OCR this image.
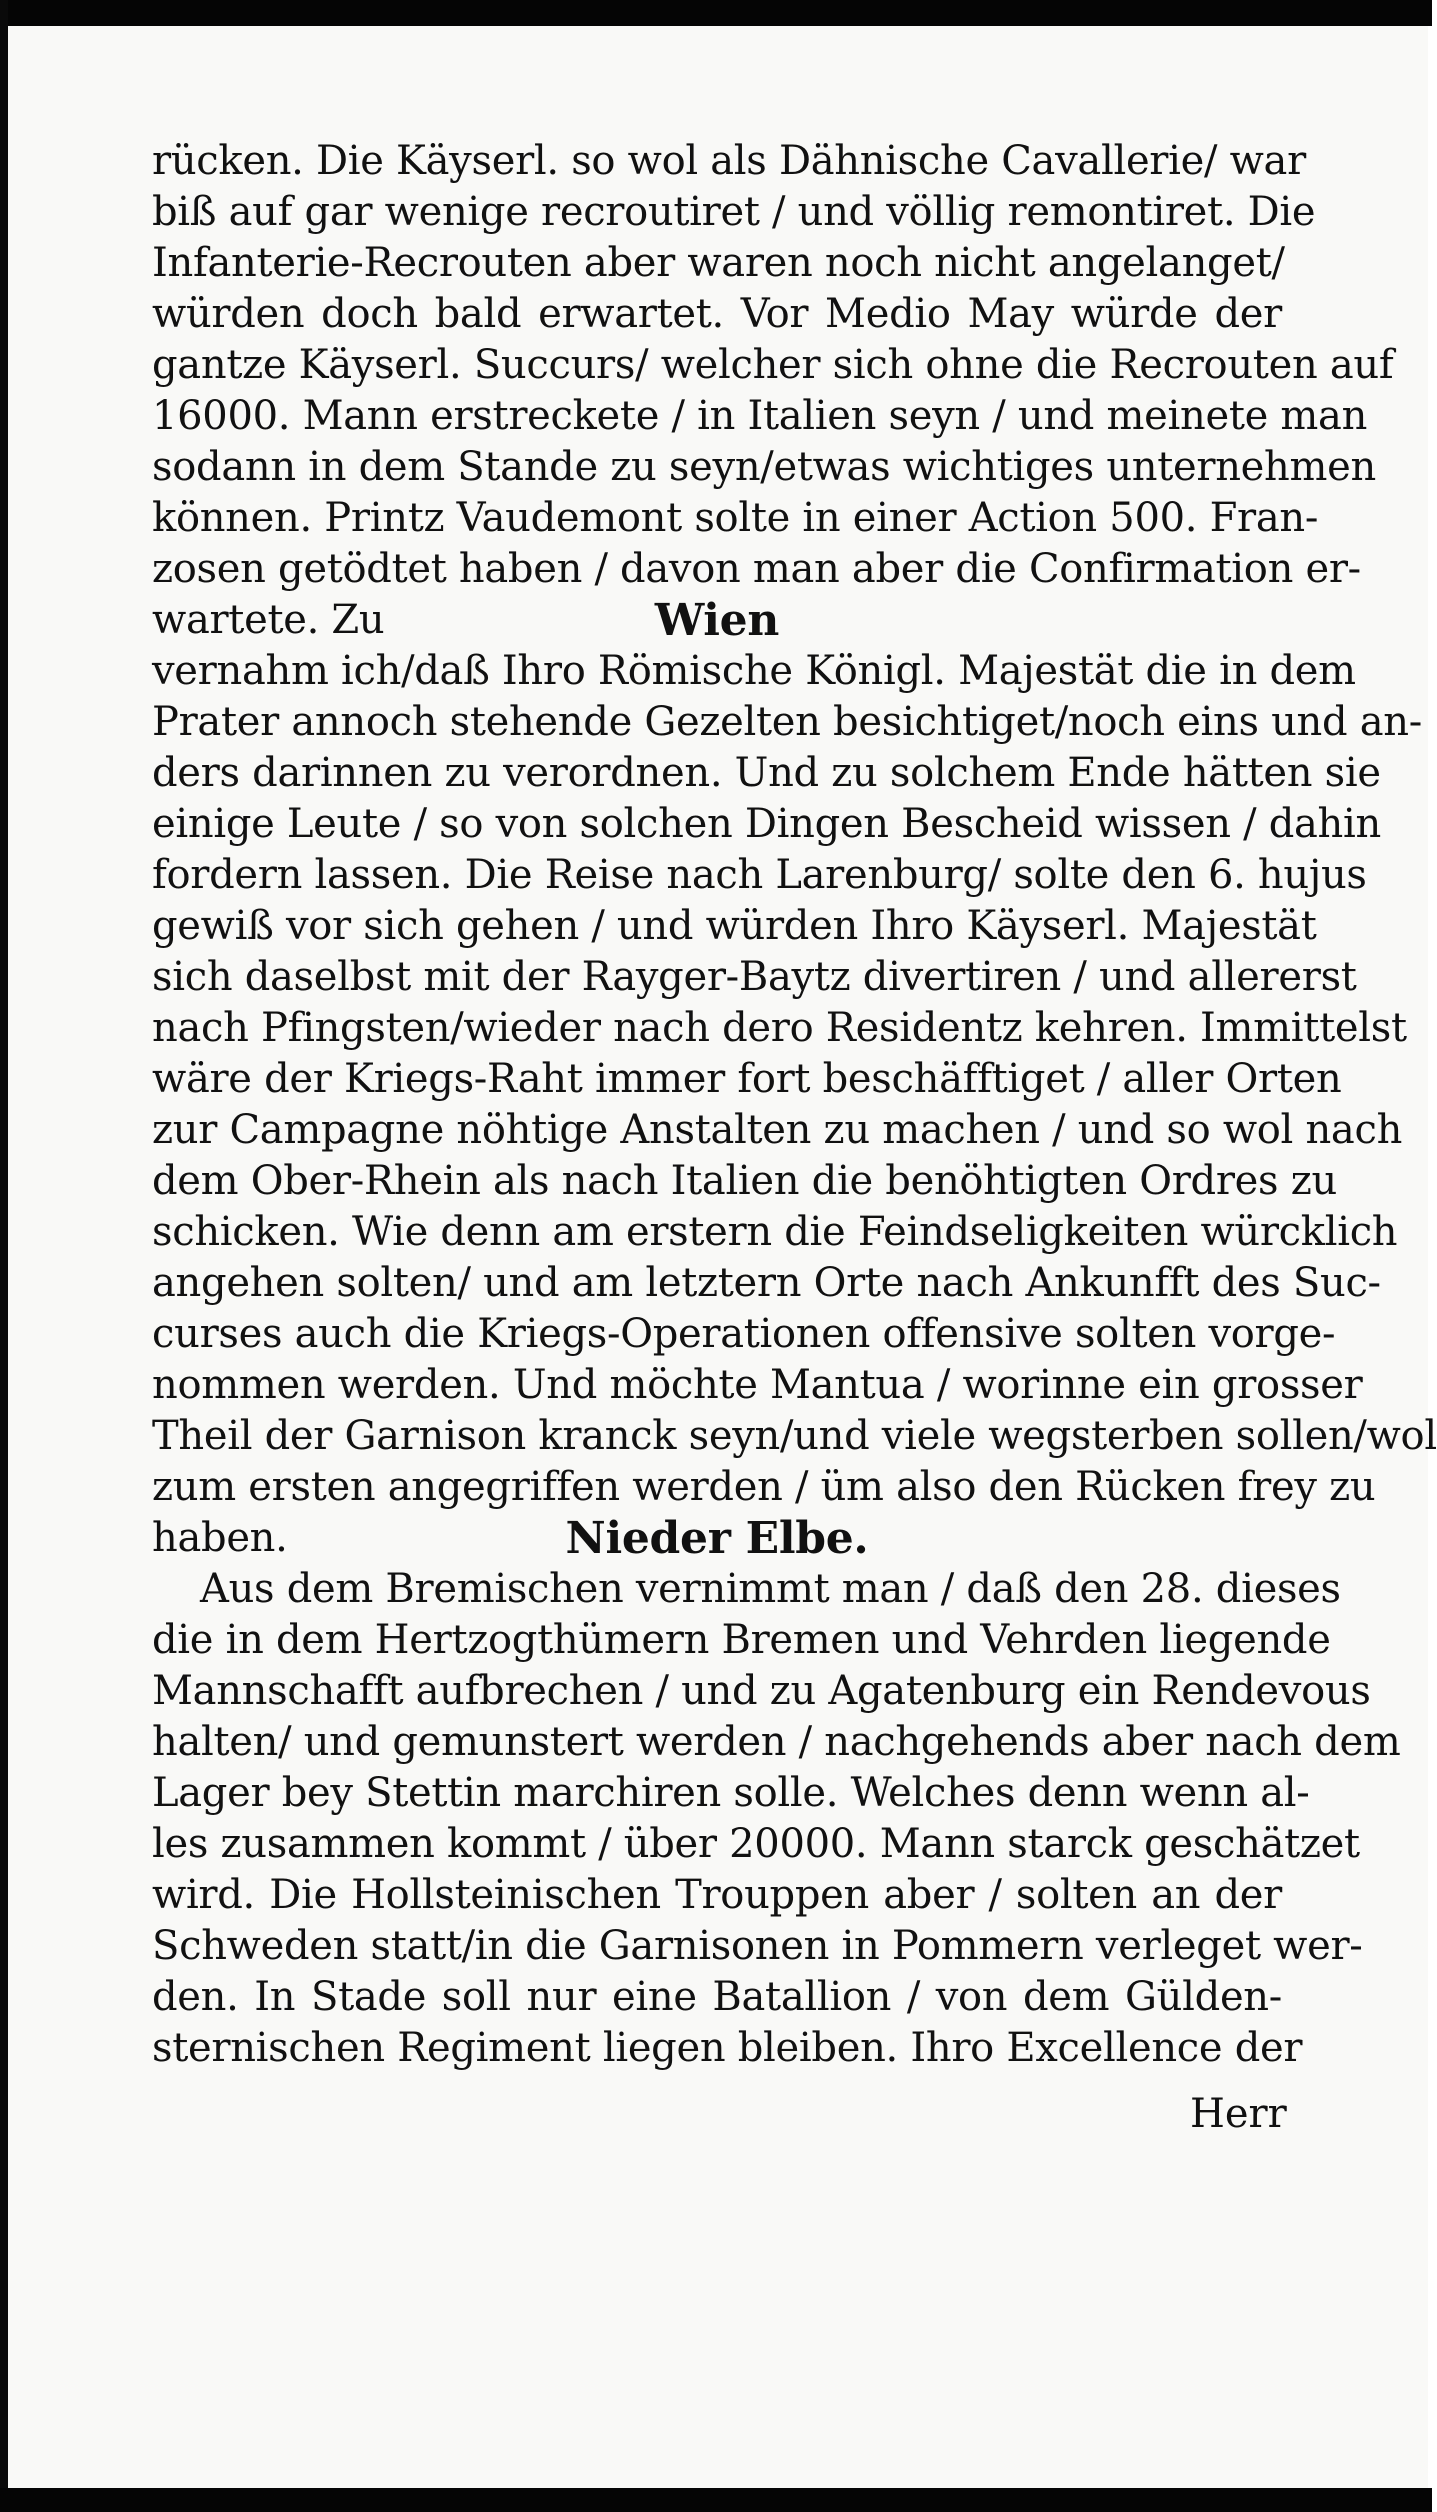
rücken. Die Käyserl. so wol als Dähnische Cavallerie/ war
biß auf gar wenige recroutiret / und völlig remontiret. Die
Infanterie-Recrouten aber waren noch nicht angelanget/
würden doch bald erwartet. Vor Medio May würde der
gantze Käyserl. Succurs/ welcher sich ohne die Recrouten auf
16000. Mann erstreckete / in Italien seyn / und meinete man
sodann in dem Stande zu seyn/etwas wichtiges unternehmen
können. Printz Vaudemont solte in einer Action 500. Fran-
zosen getödtet haben / davon man aber die Confirmation er-
wartete. Zu	Wien
vernahm ich/daß Ihro Römische Königl. Majestät die in dem
Prater annoch stehende Gezelten besichtiget/noch eins und an-
ders darinnen zu verordnen. Und zu solchem Ende hätten sie
einige Leute / so von solchen Dingen Bescheid wissen / dahin
fordern lassen. Die Reise nach Larenburg/ solte den 6. hujus
gewiß vor sich gehen / und würden Ihro Käyserl. Majestät
sich daselbst mit der Rayger-Baytz divertiren / und allererst
nach Pfingsten/wieder nach dero Residentz kehren. Immittelst
wäre der Kriegs-Raht immer fort beschäfftiget / aller Orten
zur Campagne nöhtige Anstalten zu machen / und so wol nach
dem Ober-Rhein als nach Italien die benöhtigten Ordres zu
schicken. Wie denn am erstern die Feindseligkeiten würcklich
angehen solten/ und am letztern Orte nach Ankunfft des Suc-
curses auch die Kriegs-Operationen offensive solten vorge-
nommen werden. Und möchte Mantua / worinne ein grosser
Theil der Garnison kranck seyn/und viele wegsterben sollen/wol
zum ersten angegriffen werden / üm also den Rücken frey zu
haben.	Nieder Elbe.
Aus dem Bremischen vernimmt man / daß den 28. dieses
die in dem Hertzogthümern Bremen und Vehrden liegende
Mannschafft aufbrechen / und zu Agatenburg ein Rendevous
halten/ und gemunstert werden / nachgehends aber nach dem
Lager bey Stettin marchiren solle. Welches denn wenn al-
les zusammen kommt / über 20000. Mann starck geschätzet
wird. Die Hollsteinischen Trouppen aber / solten an der
Schweden statt/in die Garnisonen in Pommern verleget wer-
den. In Stade soll nur eine Batallion / von dem Gülden-
sternischen Regiment liegen bleiben. Ihro Excellence der
Herr
